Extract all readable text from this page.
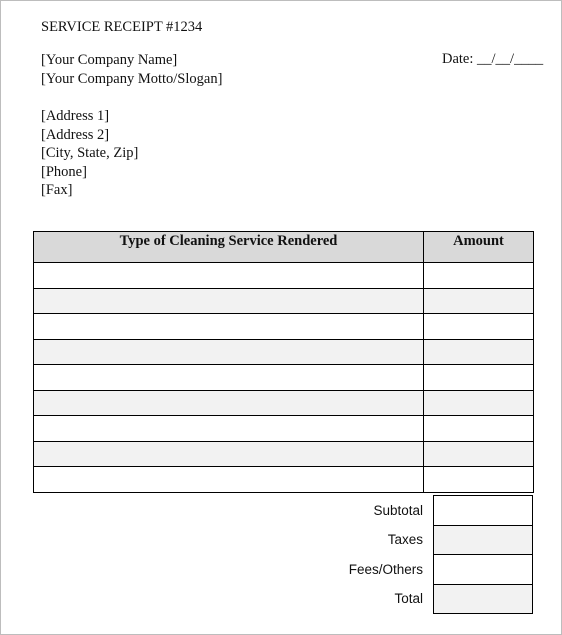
SERVICE RECEIPT #1234
[Your Company Name]
[Your Company Motto/Slogan]
Date: __/__/____
[Address 1]
[Address 2]
[City, State, Zip]
[Phone]
[Fax]
Type of Cleaning Service Rendered	Amount

Subtotal	
Taxes	
Fees/Others	
Total	
